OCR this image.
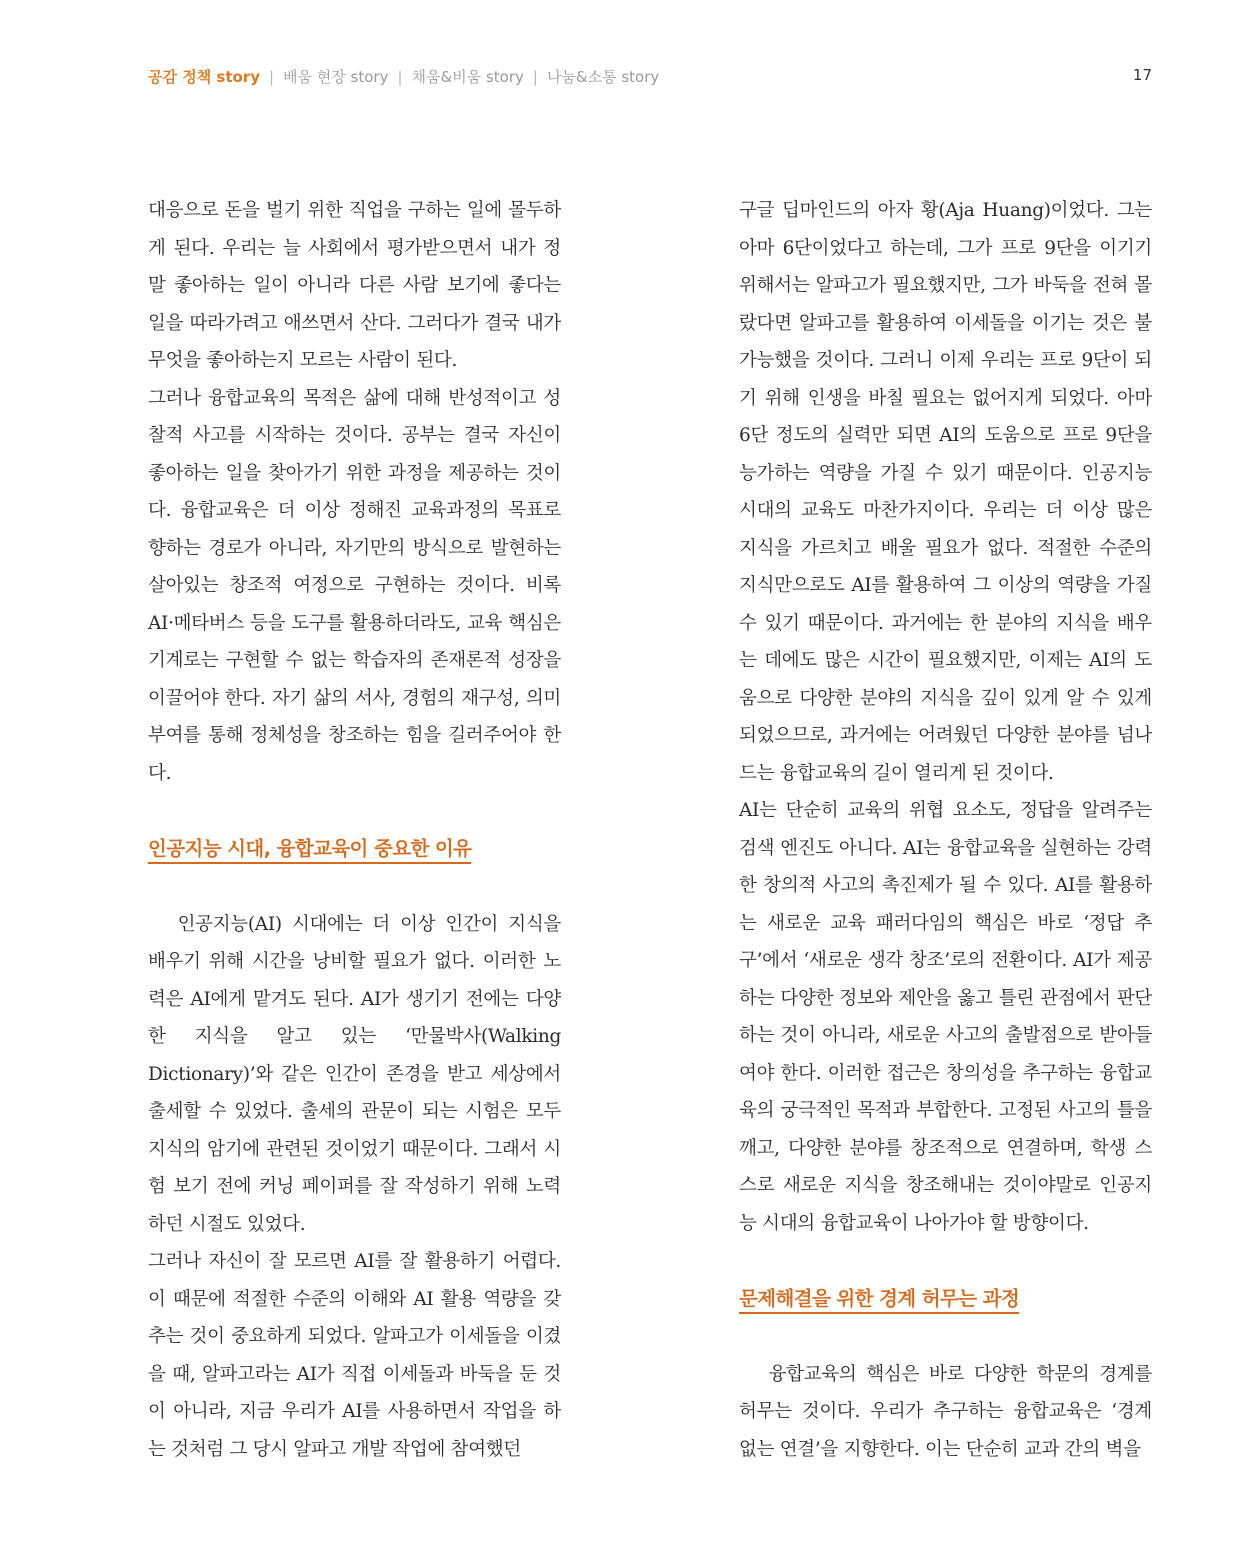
공감 정책 story | 배움 현장 story | 채움&비움 story | 나눔&소통 story	17

대응으로 돈을 벌기 위한 직업을 구하는 일에 몰두하게 된다. 우리는 늘 사회에서 평가받으면서 내가 정말 좋아하는 일이 아니라 다른 사람 보기에 좋다는 일을 따라가려고 애쓰면서 산다. 그러다가 결국 내가 무엇을 좋아하는지 모르는 사람이 된다.

그러나 융합교육의 목적은 삶에 대해 반성적이고 성찰적 사고를 시작하는 것이다. 공부는 결국 자신이 좋아하는 일을 찾아가기 위한 과정을 제공하는 것이다. 융합교육은 더 이상 정해진 교육과정의 목표로 향하는 경로가 아니라, 자기만의 방식으로 발현하는 살아있는 창조적 여정으로 구현하는 것이다. 비록 AI·메타버스 등을 도구를 활용하더라도, 교육 핵심은 기계로는 구현할 수 없는 학습자의 존재론적 성장을 이끌어야 한다. 자기 삶의 서사, 경험의 재구성, 의미 부여를 통해 정체성을 창조하는 힘을 길러주어야 한다.

인공지능 시대, 융합교육이 중요한 이유

인공지능(AI) 시대에는 더 이상 인간이 지식을 배우기 위해 시간을 낭비할 필요가 없다. 이러한 노력은 AI에게 맡겨도 된다. AI가 생기기 전에는 다양한 지식을 알고 있는 ‘만물박사(Walking Dictionary)’와 같은 인간이 존경을 받고 세상에서 출세할 수 있었다. 출세의 관문이 되는 시험은 모두 지식의 암기에 관련된 것이었기 때문이다. 그래서 시험 보기 전에 커닝 페이퍼를 잘 작성하기 위해 노력하던 시절도 있었다.

그러나 자신이 잘 모르면 AI를 잘 활용하기 어렵다. 이 때문에 적절한 수준의 이해와 AI 활용 역량을 갖추는 것이 중요하게 되었다. 알파고가 이세돌을 이겼을 때, 알파고라는 AI가 직접 이세돌과 바둑을 둔 것이 아니라, 지금 우리가 AI를 사용하면서 작업을 하는 것처럼 그 당시 알파고 개발 작업에 참여했던

구글 딥마인드의 아자 황(Aja Huang)이었다. 그는 아마 6단이었다고 하는데, 그가 프로 9단을 이기기 위해서는 알파고가 필요했지만, 그가 바둑을 전혀 몰랐다면 알파고를 활용하여 이세돌을 이기는 것은 불가능했을 것이다. 그러니 이제 우리는 프로 9단이 되기 위해 인생을 바칠 필요는 없어지게 되었다. 아마 6단 정도의 실력만 되면 AI의 도움으로 프로 9단을 능가하는 역량을 가질 수 있기 때문이다. 인공지능 시대의 교육도 마찬가지이다. 우리는 더 이상 많은 지식을 가르치고 배울 필요가 없다. 적절한 수준의 지식만으로도 AI를 활용하여 그 이상의 역량을 가질 수 있기 때문이다. 과거에는 한 분야의 지식을 배우는 데에도 많은 시간이 필요했지만, 이제는 AI의 도움으로 다양한 분야의 지식을 깊이 있게 알 수 있게 되었으므로, 과거에는 어려웠던 다양한 분야를 넘나드는 융합교육의 길이 열리게 된 것이다.

AI는 단순히 교육의 위협 요소도, 정답을 알려주는 검색 엔진도 아니다. AI는 융합교육을 실현하는 강력한 창의적 사고의 촉진제가 될 수 있다. AI를 활용하는 새로운 교육 패러다임의 핵심은 바로 ‘정답 추구’에서 ‘새로운 생각 창조’로의 전환이다. AI가 제공하는 다양한 정보와 제안을 옳고 틀린 관점에서 판단하는 것이 아니라, 새로운 사고의 출발점으로 받아들여야 한다. 이러한 접근은 창의성을 추구하는 융합교육의 궁극적인 목적과 부합한다. 고정된 사고의 틀을 깨고, 다양한 분야를 창조적으로 연결하며, 학생 스스로 새로운 지식을 창조해내는 것이야말로 인공지능 시대의 융합교육이 나아가야 할 방향이다.

문제해결을 위한 경계 허무는 과정

융합교육의 핵심은 바로 다양한 학문의 경계를 허무는 것이다. 우리가 추구하는 융합교육은 ‘경계 없는 연결’을 지향한다. 이는 단순히 교과 간의 벽을
